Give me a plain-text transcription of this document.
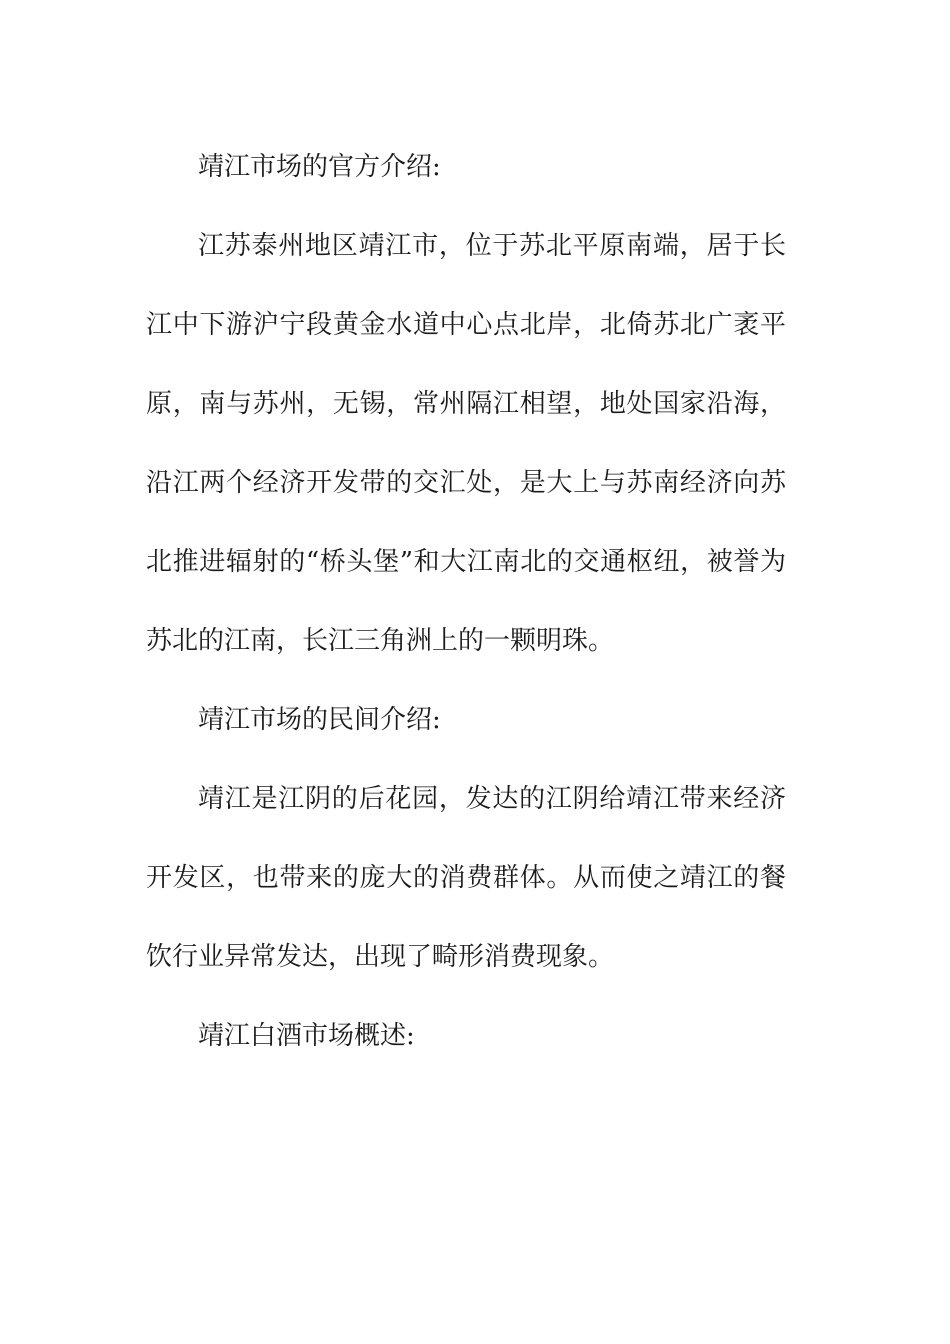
靖江市场的官方介绍:

江苏泰州地区靖江市，位于苏北平原南端，居于长江中下游沪宁段黄金水道中心点北岸，北倚苏北广袤平原，南与苏州，无锡，常州隔江相望，地处国家沿海，沿江两个经济开发带的交汇处，是大上与苏南经济向苏北推进辐射的“桥头堡”和大江南北的交通枢纽，被誉为苏北的江南，长江三角洲上的一颗明珠。

靖江市场的民间介绍:

靖江是江阴的后花园，发达的江阴给靖江带来经济开发区，也带来的庞大的消费群体。从而使之靖江的餐饮行业异常发达，出现了畸形消费现象。

靖江白酒市场概述:
